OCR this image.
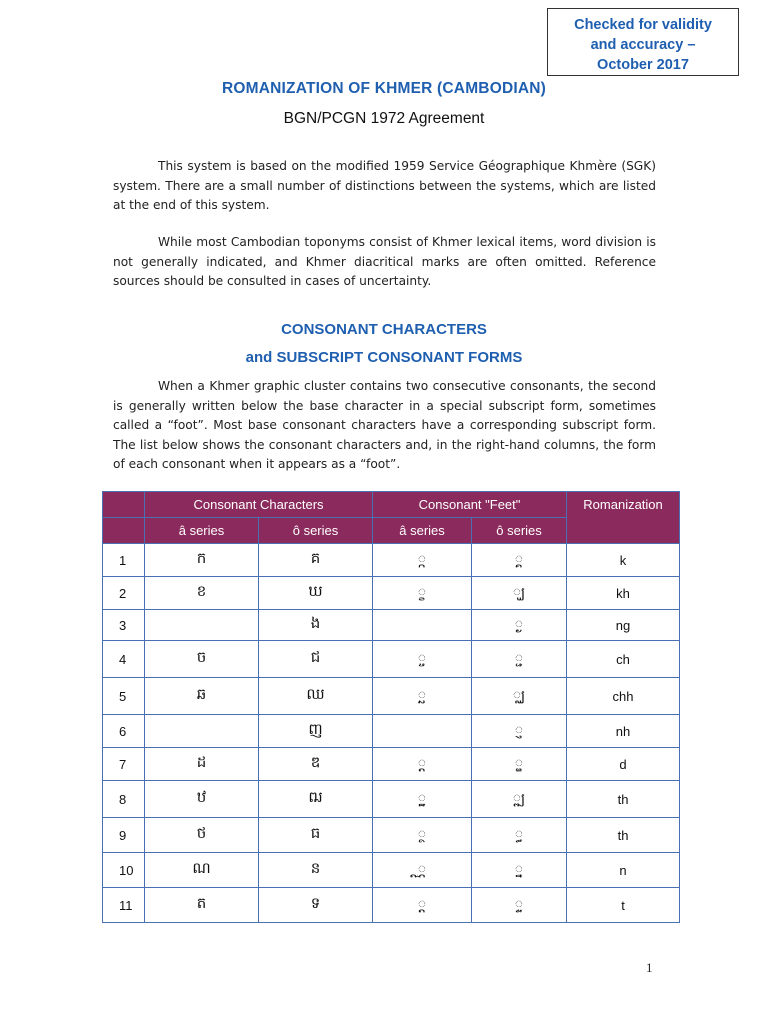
Checked for validity
and accuracy –
October 2017
ROMANIZATION OF KHMER (CAMBODIAN)
BGN/PCGN 1972 Agreement
This system is based on the modified 1959 Service Géographique Khmère (SGK) system. There are a small number of distinctions between the systems, which are listed at the end of this system.
While most Cambodian toponyms consist of Khmer lexical items, word division is not generally indicated, and Khmer diacritical marks are often omitted. Reference sources should be consulted in cases of uncertainty.
CONSONANT CHARACTERS
and SUBSCRIPT CONSONANT FORMS
When a Khmer graphic cluster contains two consecutive consonants, the second is generally written below the base character in a special subscript form, sometimes called a “foot”. Most base consonant characters have a corresponding subscript form. The list below shows the consonant characters and, in the right-hand columns, the form of each consonant when it appears as a “foot”.
	Consonant Characters		Consonant "Feet"		Romanization
	â series	ô series	â series	ô series	
1	ក	គ	្ក	្គ	k
2	ខ	ឃ	្ខ	្ឃ	kh
3		ង		្ង	ng
4	ច	ជ	្ច	្ជ	ch
5	ឆ	ឈ	្ឆ	្ឈ	chh
6		ញ		្ញ	nh
7	ដ	ឌ	្ដ	្ឌ	d
8	ឋ	ឍ	្ឋ	្ឍ	th
9	ថ	ធ	្ថ	្ធ	th
10	ណ	ន	្ណ	្ន	n
11	ត	ទ	្ត	្ទ	t
1
